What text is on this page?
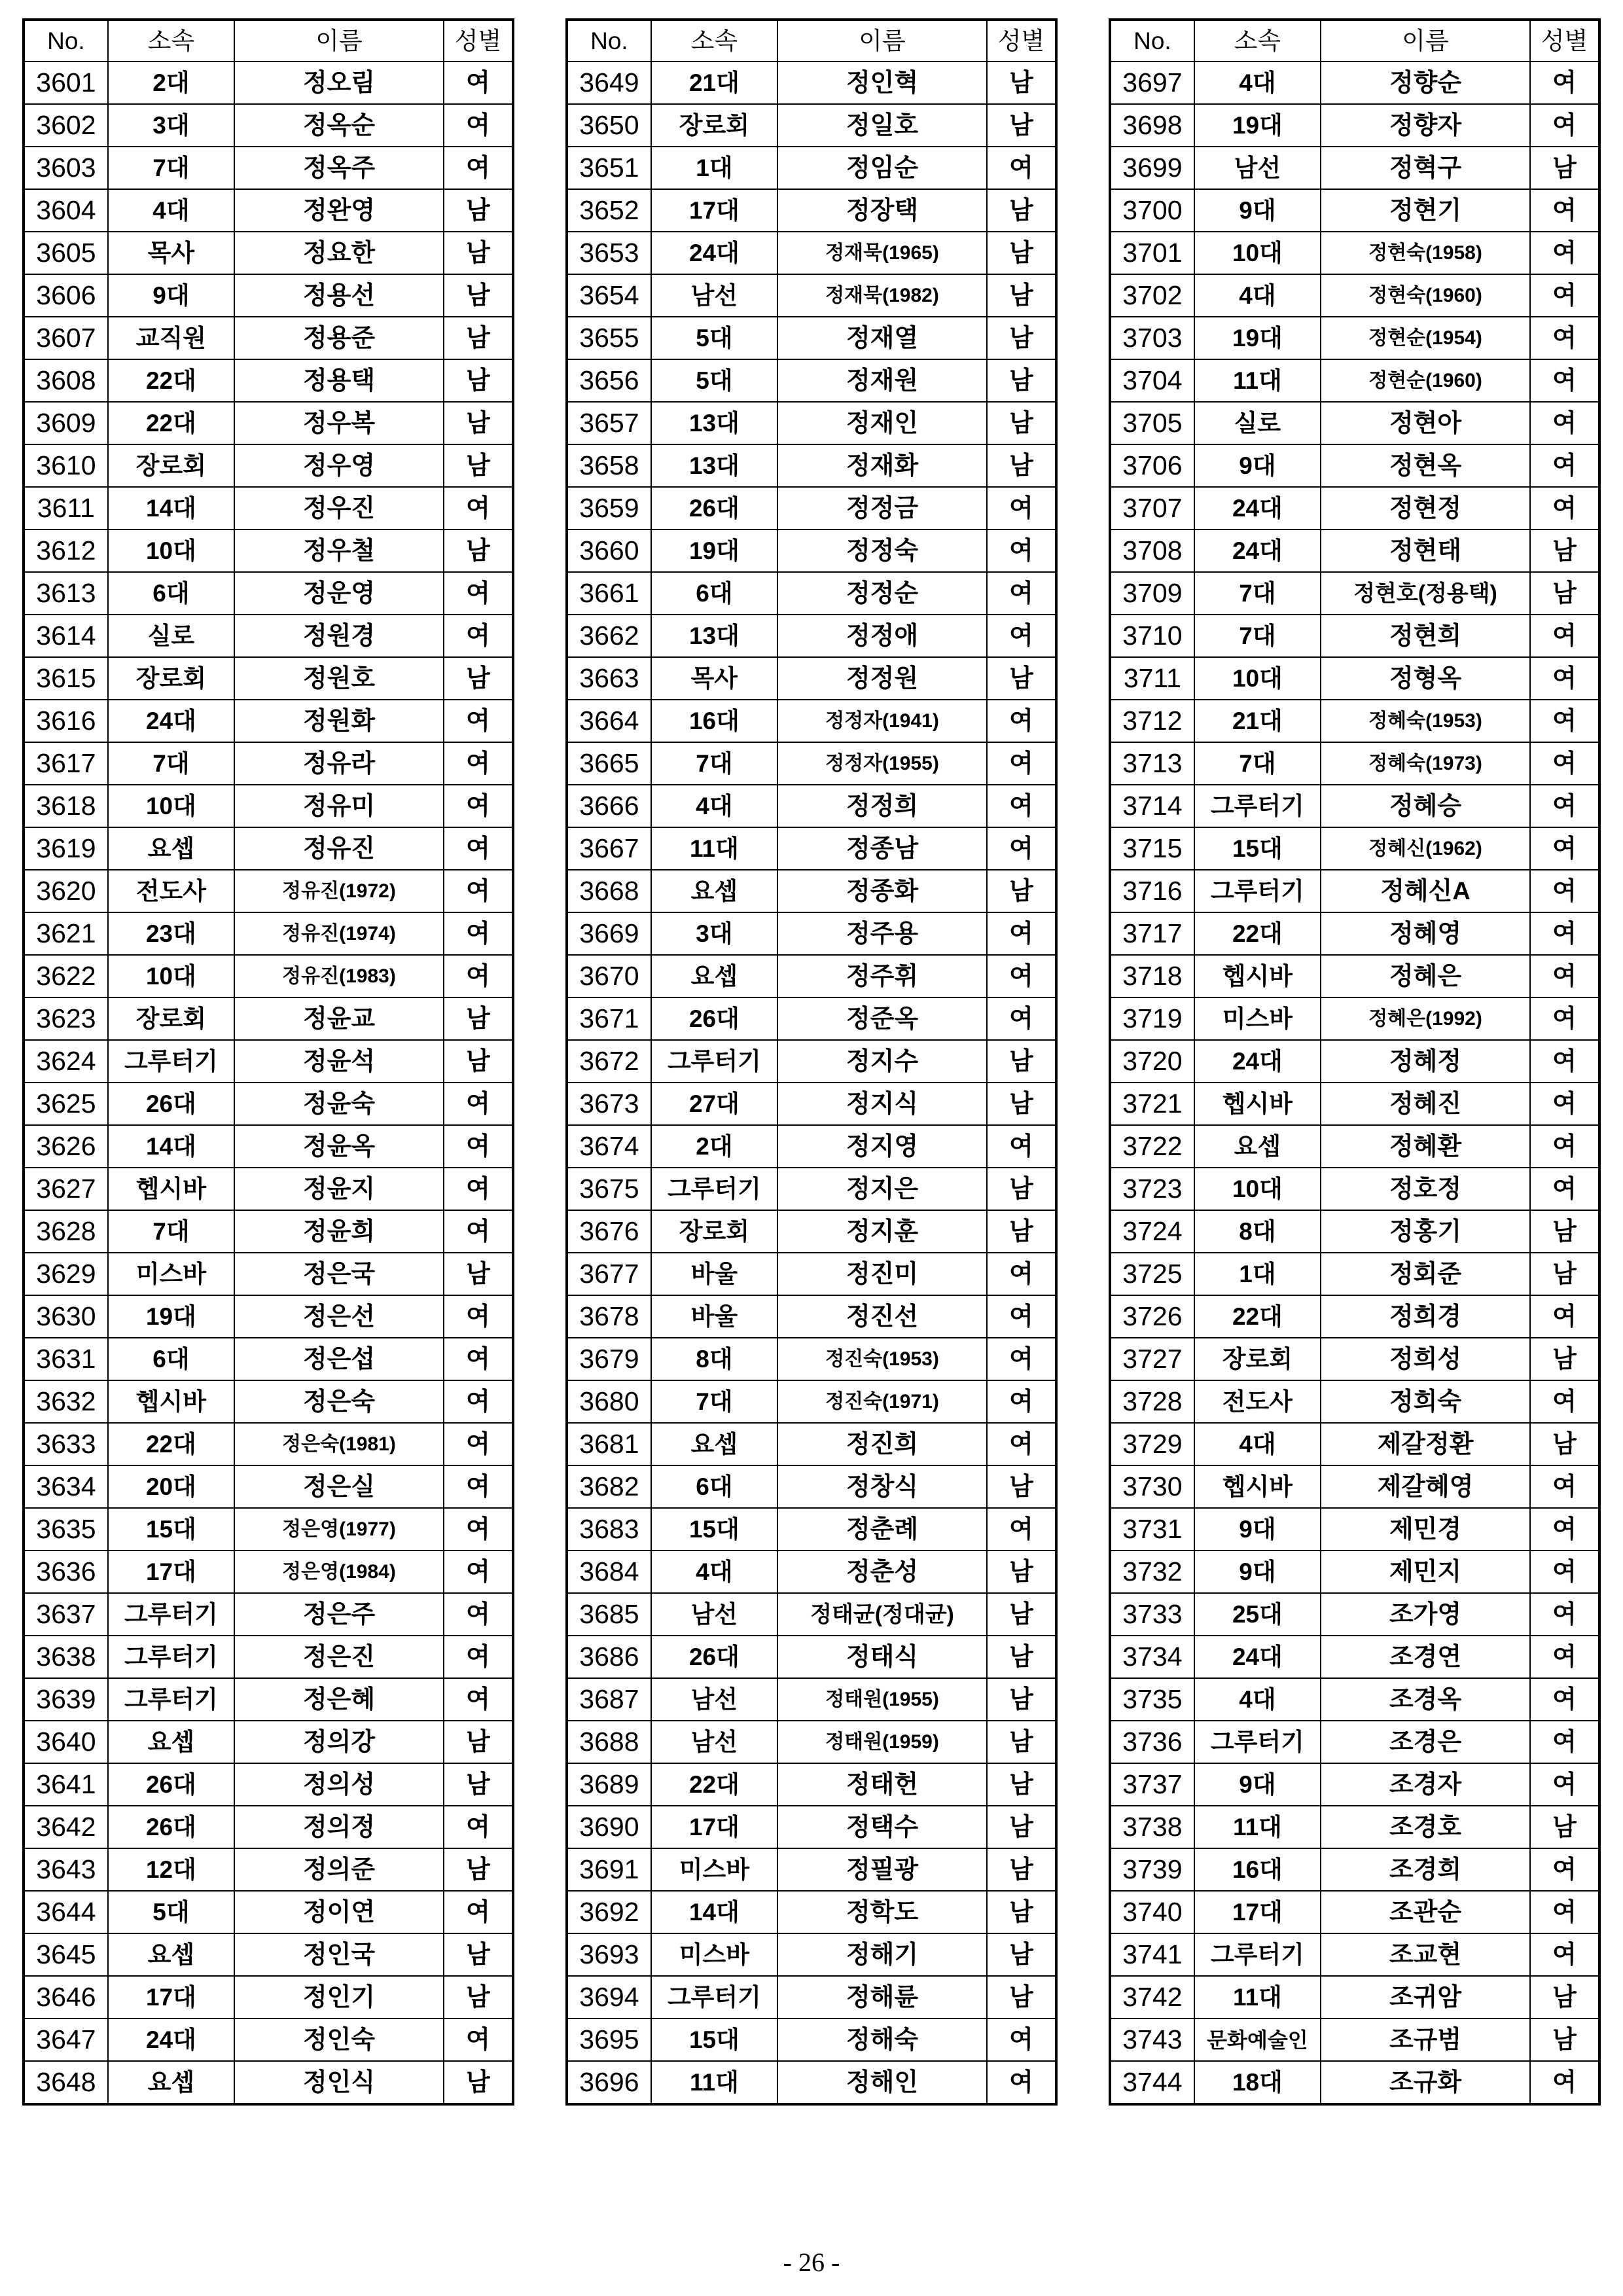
No.	소속	이름	성별
3601	2대	정오림	여
3602	3대	정옥순	여
3603	7대	정옥주	여
3604	4대	정완영	남
3605	목사	정요한	남
3606	9대	정용선	남
3607	교직원	정용준	남
3608	22대	정용택	남
3609	22대	정우복	남
3610	장로회	정우영	남
3611	14대	정우진	여
3612	10대	정우철	남
3613	6대	정운영	여
3614	실로	정원경	여
3615	장로회	정원호	남
3616	24대	정원화	여
3617	7대	정유라	여
3618	10대	정유미	여
3619	요셉	정유진	여
3620	전도사	정유진(1972)	여
3621	23대	정유진(1974)	여
3622	10대	정유진(1983)	여
3623	장로회	정윤교	남
3624	그루터기	정윤석	남
3625	26대	정윤숙	여
3626	14대	정윤옥	여
3627	헵시바	정윤지	여
3628	7대	정윤희	여
3629	미스바	정은국	남
3630	19대	정은선	여
3631	6대	정은섭	여
3632	헵시바	정은숙	여
3633	22대	정은숙(1981)	여
3634	20대	정은실	여
3635	15대	정은영(1977)	여
3636	17대	정은영(1984)	여
3637	그루터기	정은주	여
3638	그루터기	정은진	여
3639	그루터기	정은혜	여
3640	요셉	정의강	남
3641	26대	정의성	남
3642	26대	정의정	여
3643	12대	정의준	남
3644	5대	정이연	여
3645	요셉	정인국	남
3646	17대	정인기	남
3647	24대	정인숙	여
3648	요셉	정인식	남
No.	소속	이름	성별
3649	21대	정인혁	남
3650	장로회	정일호	남
3651	1대	정임순	여
3652	17대	정장택	남
3653	24대	정재묵(1965)	남
3654	남선	정재묵(1982)	남
3655	5대	정재열	남
3656	5대	정재원	남
3657	13대	정재인	남
3658	13대	정재화	남
3659	26대	정정금	여
3660	19대	정정숙	여
3661	6대	정정순	여
3662	13대	정정애	여
3663	목사	정정원	남
3664	16대	정정자(1941)	여
3665	7대	정정자(1955)	여
3666	4대	정정희	여
3667	11대	정종남	여
3668	요셉	정종화	남
3669	3대	정주용	여
3670	요셉	정주휘	여
3671	26대	정준옥	여
3672	그루터기	정지수	남
3673	27대	정지식	남
3674	2대	정지영	여
3675	그루터기	정지은	남
3676	장로회	정지훈	남
3677	바울	정진미	여
3678	바울	정진선	여
3679	8대	정진숙(1953)	여
3680	7대	정진숙(1971)	여
3681	요셉	정진희	여
3682	6대	정창식	남
3683	15대	정춘례	여
3684	4대	정춘성	남
3685	남선	정태균(정대균)	남
3686	26대	정태식	남
3687	남선	정태원(1955)	남
3688	남선	정태원(1959)	남
3689	22대	정태헌	남
3690	17대	정택수	남
3691	미스바	정필광	남
3692	14대	정학도	남
3693	미스바	정해기	남
3694	그루터기	정해륜	남
3695	15대	정해숙	여
3696	11대	정해인	여
No.	소속	이름	성별
3697	4대	정향순	여
3698	19대	정향자	여
3699	남선	정혁구	남
3700	9대	정현기	여
3701	10대	정현숙(1958)	여
3702	4대	정현숙(1960)	여
3703	19대	정현순(1954)	여
3704	11대	정현순(1960)	여
3705	실로	정현아	여
3706	9대	정현옥	여
3707	24대	정현정	여
3708	24대	정현태	남
3709	7대	정현호(정용택)	남
3710	7대	정현희	여
3711	10대	정형옥	여
3712	21대	정혜숙(1953)	여
3713	7대	정혜숙(1973)	여
3714	그루터기	정혜승	여
3715	15대	정혜신(1962)	여
3716	그루터기	정혜신A	여
3717	22대	정혜영	여
3718	헵시바	정혜은	여
3719	미스바	정혜은(1992)	여
3720	24대	정혜정	여
3721	헵시바	정혜진	여
3722	요셉	정혜환	여
3723	10대	정호정	여
3724	8대	정홍기	남
3725	1대	정회준	남
3726	22대	정희경	여
3727	장로회	정희성	남
3728	전도사	정희숙	여
3729	4대	제갈정환	남
3730	헵시바	제갈혜영	여
3731	9대	제민경	여
3732	9대	제민지	여
3733	25대	조가영	여
3734	24대	조경연	여
3735	4대	조경옥	여
3736	그루터기	조경은	여
3737	9대	조경자	여
3738	11대	조경호	남
3739	16대	조경희	여
3740	17대	조관순	여
3741	그루터기	조교현	여
3742	11대	조귀암	남
3743	문화예술인	조규범	남
3744	18대	조규화	여
- 26 -
